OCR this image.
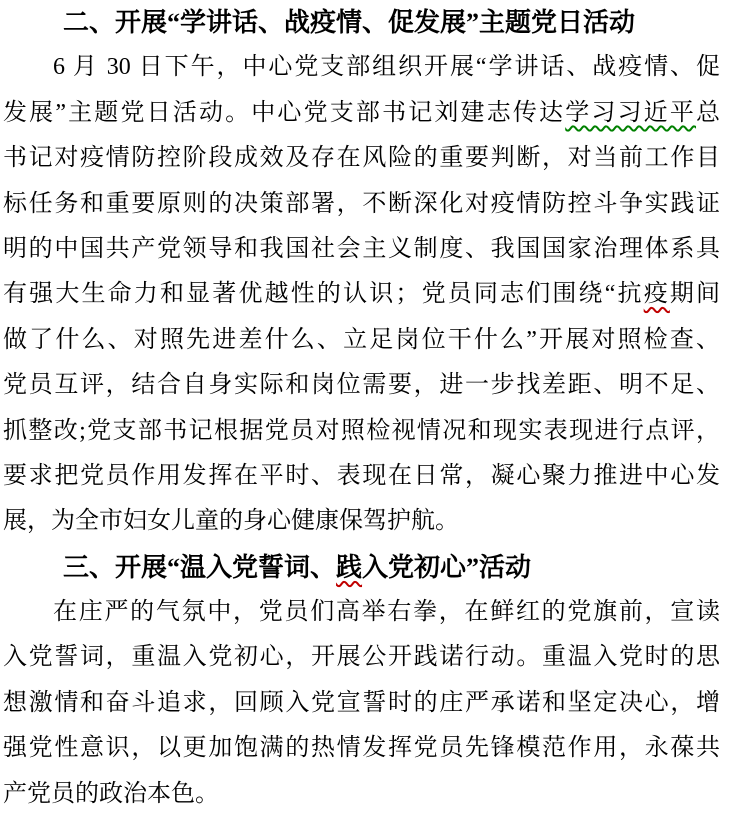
二、开展“学讲话、战疫情、促发展”主题党日活动
6 月 30 日下午，中心党支部组织开展“学讲话、战疫情、促
发展”主题党日活动。中心党支部书记刘建志传达学习习近平总
书记对疫情防控阶段成效及存在风险的重要判断，对当前工作目
标任务和重要原则的决策部署，不断深化对疫情防控斗争实践证
明的中国共产党领导和我国社会主义制度、我国国家治理体系具
有强大生命力和显著优越性的认识；党员同志们围绕“抗疫期间
做了什么、对照先进差什么、立足岗位干什么”开展对照检查、
党员互评，结合自身实际和岗位需要，进一步找差距、明不足、
抓整改;党支部书记根据党员对照检视情况和现实表现进行点评，
要求把党员作用发挥在平时、表现在日常，凝心聚力推进中心发
展，为全市妇女儿童的身心健康保驾护航。
三、开展“温入党誓词、践入党初心”活动
在庄严的气氛中，党员们高举右拳，在鲜红的党旗前，宣读
入党誓词，重温入党初心，开展公开践诺行动。重温入党时的思
想激情和奋斗追求，回顾入党宣誓时的庄严承诺和坚定决心，增
强党性意识，以更加饱满的热情发挥党员先锋模范作用，永葆共
产党员的政治本色。
